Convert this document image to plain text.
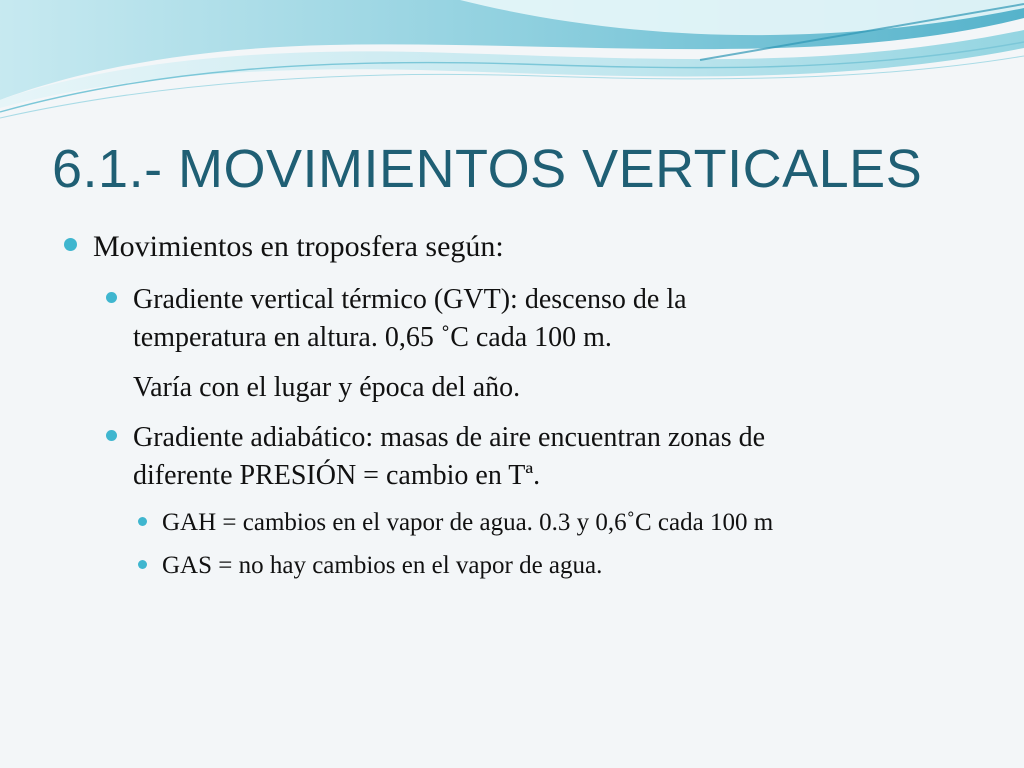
6.1.- MOVIMIENTOS VERTICALES
Movimientos en troposfera según:
Gradiente vertical térmico (GVT): descenso de la
temperatura en altura. 0,65 ˚C cada 100 m.
Varía con el lugar y época del año.
Gradiente adiabático: masas de aire encuentran zonas de
diferente PRESIÓN = cambio en Tª.
GAH = cambios en el vapor de agua. 0.3 y 0,6˚C cada 100 m
GAS = no hay cambios en el vapor de agua.
